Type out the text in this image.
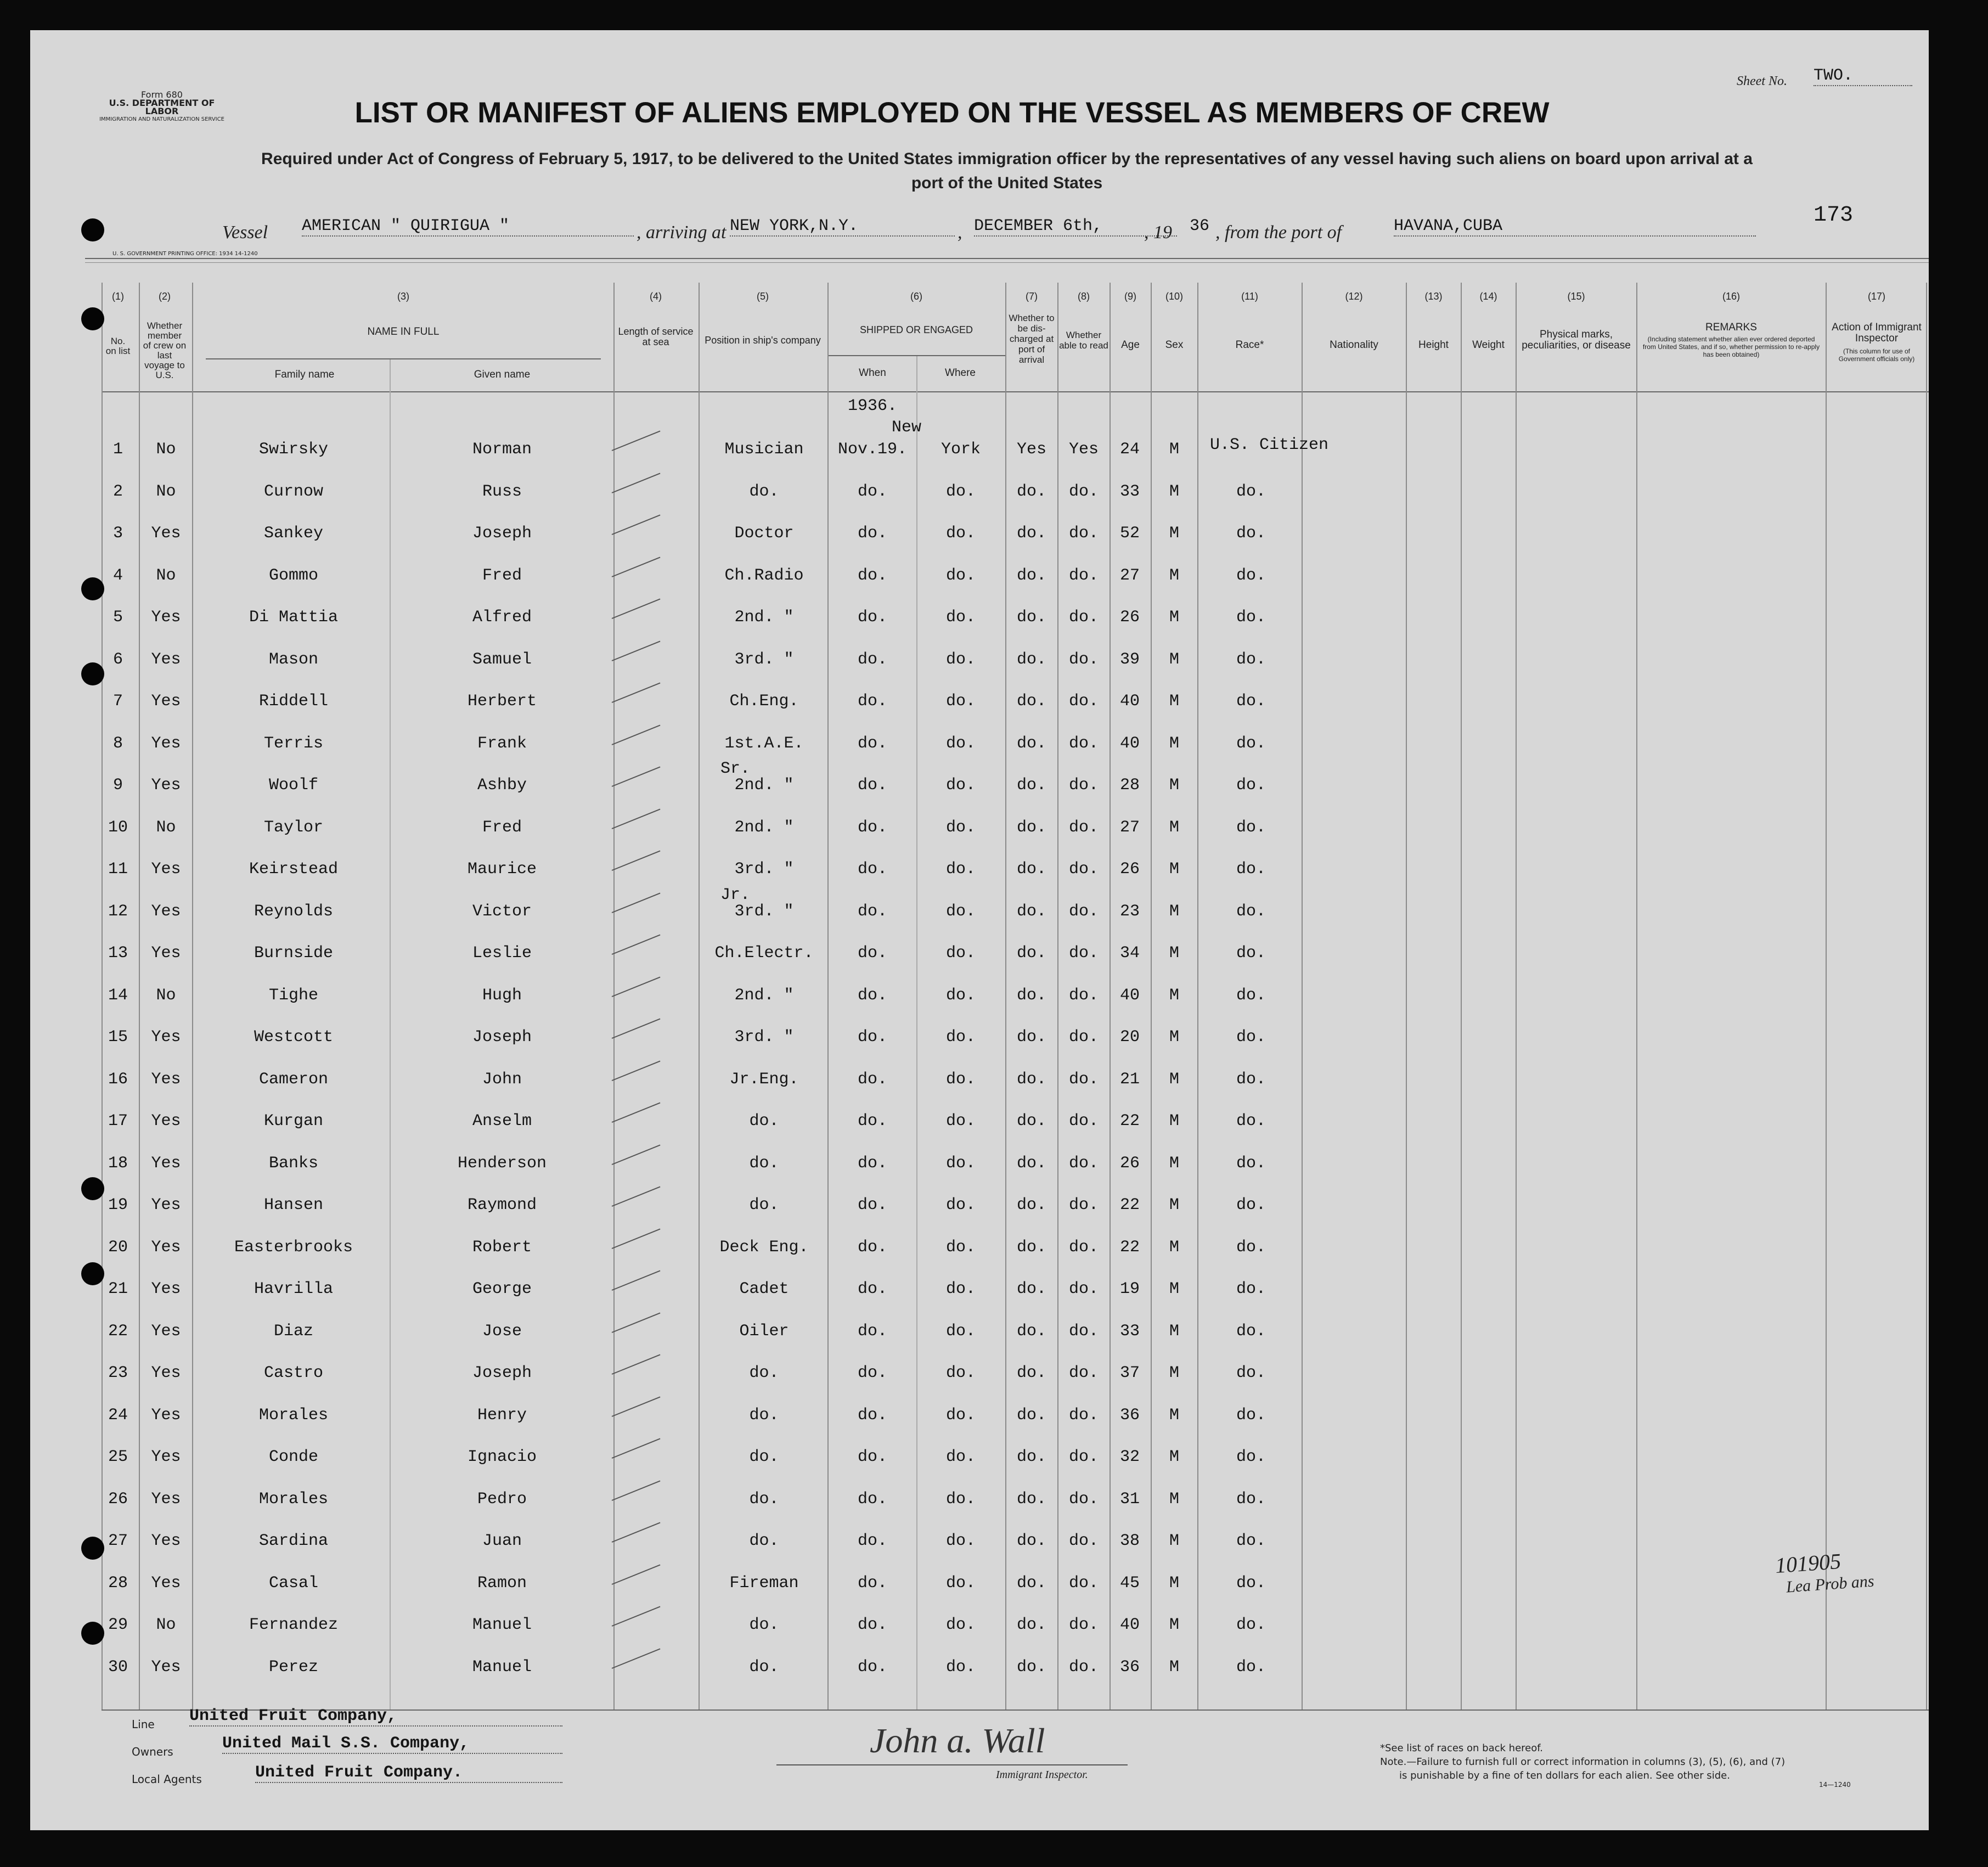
Form 680
U.S. DEPARTMENT OF LABOR
IMMIGRATION AND NATURALIZATION SERVICE
Sheet No. TWO.
LIST OR MANIFEST OF ALIENS EMPLOYED ON THE VESSEL AS MEMBERS OF CREW
Required under Act of Congress of February 5, 1917, to be delivered to the United States immigration officer by the representatives of any vessel having such aliens on board upon arrival at a
port of the United States
173
Vessel AMERICAN " QUIRIGUA "	, arriving at NEW YORK,N.Y.	, DECEMBER 6th,	, 19 36 , from the port of	HAVANA,CUBA
U. S. GOVERNMENT PRINTING OFFICE: 1934 14-1240
(1)	(2)	(3)	(4)	(5)	(6)	(7)	(8)	(9)	(10)	(11)	(12)	(13)	(14)	(15)	(16)	(17)
No. on list
Whether member of crew on last voyage to U.S.
NAME IN FULL
Family name	Given name
Length of service at sea	Position in ship's company
SHIPPED OR ENGAGED
When	Where
Whether to be dis-charged at port of arrival
Whether able to read	Age	Sex	Race*	Nationality	Height	Weight
Physical marks, peculiarities, or disease
REMARKS
(Including statement whether alien ever ordered deported from United States, and if so, whether permission to re-apply has been obtained)
Action of Immigrant Inspector
(This column for use of Government officials only)
1936.
New
1	No	Swirsky	Norman	Musician	Nov.19.	York	Yes	Yes	24	M	U.S. Citizen
2	No	Curnow	Russ	do.	do.	do.	do.	do.	33	M	do.
3	Yes	Sankey	Joseph	Doctor	do.	do.	do.	do.	52	M	do.
4	No	Gommo	Fred	Ch.Radio	do.	do.	do.	do.	27	M	do.
5	Yes	Di Mattia	Alfred	2nd. "	do.	do.	do.	do.	26	M	do.
6	Yes	Mason	Samuel	3rd. "	do.	do.	do.	do.	39	M	do.
7	Yes	Riddell	Herbert	Ch.Eng.	do.	do.	do.	do.	40	M	do.
8	Yes	Terris	Frank	1st.A.E.	do.	do.	do.	do.	40	M	do.
9	Yes	Woolf	Ashby	2nd. "	do.	do.	do.	do.	28	M	do.
Sr.
10	No	Taylor	Fred	2nd. "	do.	do.	do.	do.	27	M	do.
11	Yes	Keirstead	Maurice	3rd. "	do.	do.	do.	do.	26	M	do.
12	Yes	Reynolds	Victor	3rd. "	do.	do.	do.	do.	23	M	do.
Jr.
13	Yes	Burnside	Leslie	Ch.Electr.	do.	do.	do.	do.	34	M	do.
14	No	Tighe	Hugh	2nd. "	do.	do.	do.	do.	40	M	do.
15	Yes	Westcott	Joseph	3rd. "	do.	do.	do.	do.	20	M	do.
16	Yes	Cameron	John	Jr.Eng.	do.	do.	do.	do.	21	M	do.
17	Yes	Kurgan	Anselm	do.	do.	do.	do.	do.	22	M	do.
18	Yes	Banks	Henderson	do.	do.	do.	do.	do.	26	M	do.
19	Yes	Hansen	Raymond	do.	do.	do.	do.	do.	22	M	do.
20	Yes	Easterbrooks	Robert	Deck Eng.	do.	do.	do.	do.	22	M	do.
21	Yes	Havrilla	George	Cadet	do.	do.	do.	do.	19	M	do.
22	Yes	Diaz	Jose	Oiler	do.	do.	do.	do.	33	M	do.
23	Yes	Castro	Joseph	do.	do.	do.	do.	do.	37	M	do.
24	Yes	Morales	Henry	do.	do.	do.	do.	do.	36	M	do.
25	Yes	Conde	Ignacio	do.	do.	do.	do.	do.	32	M	do.
26	Yes	Morales	Pedro	do.	do.	do.	do.	do.	31	M	do.
27	Yes	Sardina	Juan	do.	do.	do.	do.	do.	38	M	do.
28	Yes	Casal	Ramon	Fireman	do.	do.	do.	do.	45	M	do.
29	No	Fernandez	Manuel	do.	do.	do.	do.	do.	40	M	do.
30	Yes	Perez	Manuel	do.	do.	do.	do.	do.	36	M	do.
101905
Lea Prob ans
Line United Fruit Company,
Owners	United Mail S.S. Company,
Local Agents	United Fruit Company.
John a. Wall
Immigrant Inspector.
*See list of races on back hereof.
Note.—Failure to furnish full or correct information in columns (3), (5), (6), and (7)
is punishable by a fine of ten dollars for each alien. See other side.
14—1240
